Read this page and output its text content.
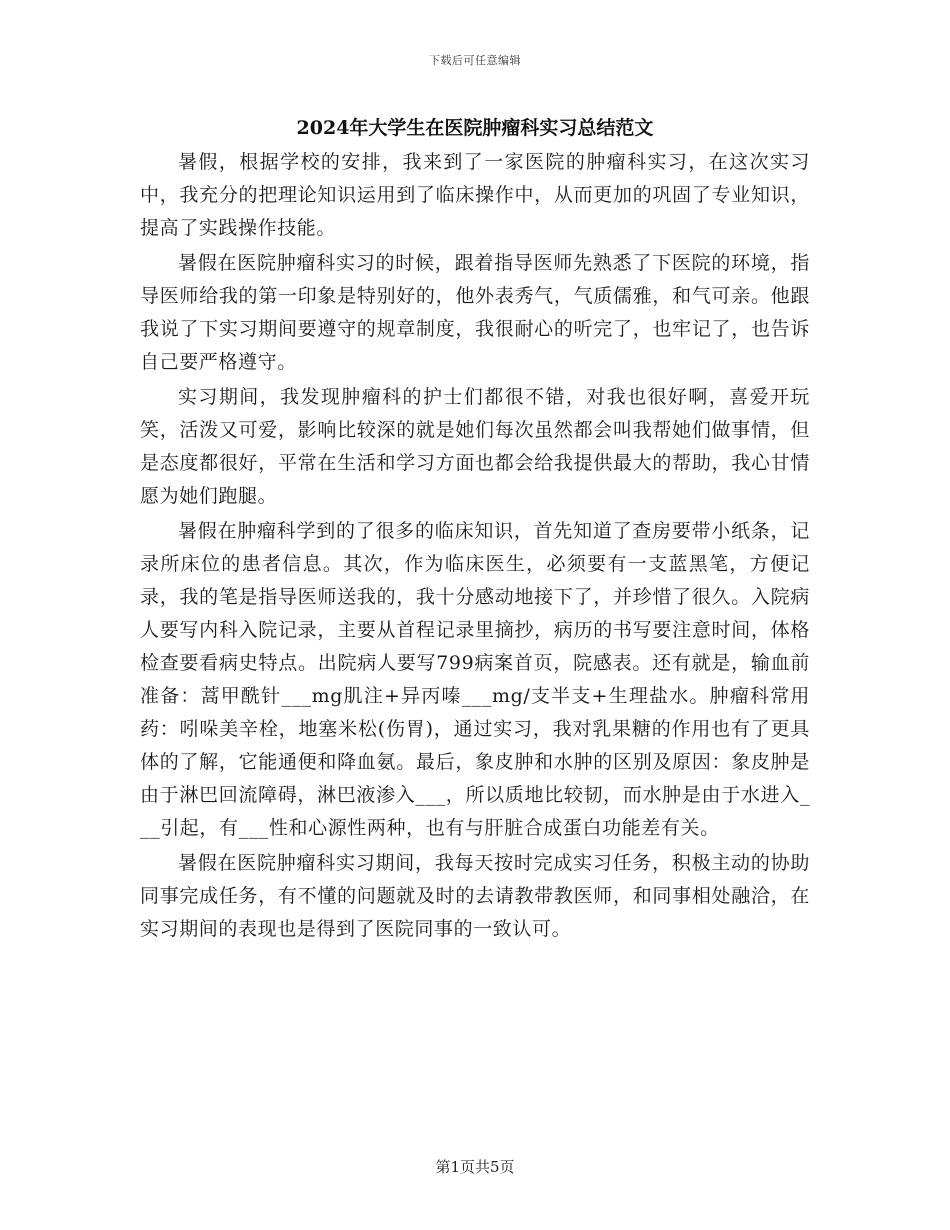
下载后可任意编辑
2024年大学生在医院肿瘤科实习总结范文

暑假，根据学校的安排，我来到了一家医院的肿瘤科实习，在这次实习中，我充分的把理论知识运用到了临床操作中，从而更加的巩固了专业知识，提高了实践操作技能。

暑假在医院肿瘤科实习的时候，跟着指导医师先熟悉了下医院的环境，指导医师给我的第一印象是特别好的，他外表秀气，气质儒雅，和气可亲。他跟我说了下实习期间要遵守的规章制度，我很耐心的听完了，也牢记了，也告诉自己要严格遵守。

实习期间，我发现肿瘤科的护士们都很不错，对我也很好啊，喜爱开玩笑，活泼又可爱，影响比较深的就是她们每次虽然都会叫我帮她们做事情，但是态度都很好，平常在生活和学习方面也都会给我提供最大的帮助，我心甘情愿为她们跑腿。

暑假在肿瘤科学到的了很多的临床知识，首先知道了查房要带小纸条，记录所床位的患者信息。其次，作为临床医生，必须要有一支蓝黑笔，方便记录，我的笔是指导医师送我的，我十分感动地接下了，并珍惜了很久。入院病人要写内科入院记录，主要从首程记录里摘抄，病历的书写要注意时间，体格检查要看病史特点。出院病人要写799病案首页，院感表。还有就是，输血前准备：蒿甲酰针___mg肌注+异丙嗪___mg/支半支+生理盐水。肿瘤科常用药：吲哚美辛栓，地塞米松(伤胃)，通过实习，我对乳果糖的作用也有了更具体的了解，它能通便和降血氨。最后，象皮肿和水肿的区别及原因：象皮肿是由于淋巴回流障碍，淋巴液渗入___，所以质地比较韧，而水肿是由于水进入___引起，有___性和心源性两种，也有与肝脏合成蛋白功能差有关。

暑假在医院肿瘤科实习期间，我每天按时完成实习任务，积极主动的协助同事完成任务，有不懂的问题就及时的去请教带教医师，和同事相处融洽，在实习期间的表现也是得到了医院同事的一致认可。

第1页共5页
